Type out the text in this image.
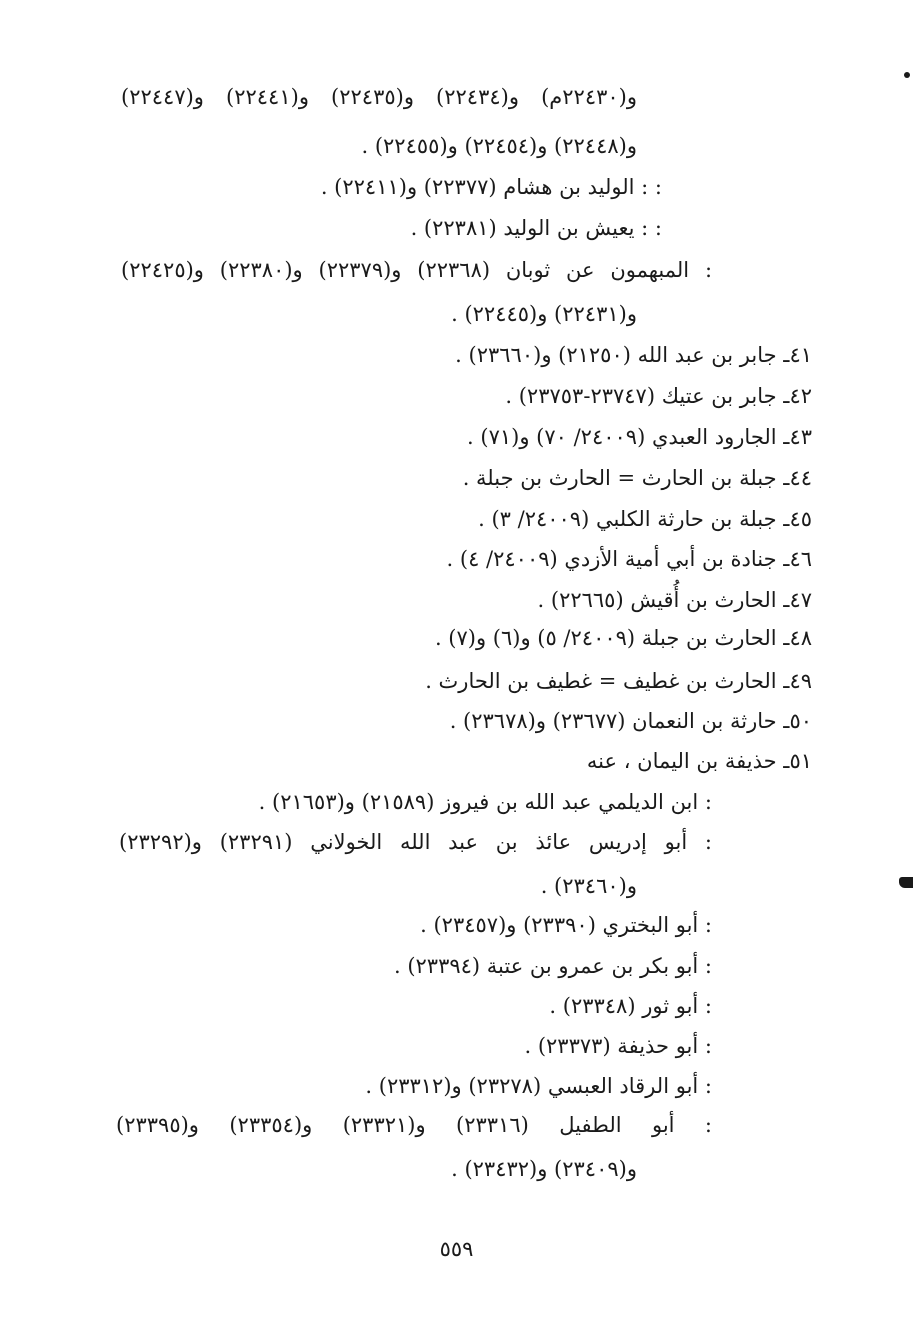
و(٢٢٤٣٠م) و(٢٢٤٣٤) و(٢٢٤٣٥) و(٢٢٤٤١) و(٢٢٤٤٧)
و(٢٢٤٤٨) و(٢٢٤٥٤) و(٢٢٤٥٥) .
: : الوليد بن هشام (٢٢٣٧٧) و(٢٢٤١١) .
: : يعيش بن الوليد (٢٢٣٨١) .
: المبهمون عن ثوبان (٢٢٣٦٨) و(٢٢٣٧٩) و(٢٢٣٨٠) و(٢٢٤٢٥)
و(٢٢٤٣١) و(٢٢٤٤٥) .
٤١ـ جابر بن عبد الله (٢١٢٥٠) و(٢٣٦٦٠) .
٤٢ـ جابر بن عتيك (٢٣٧٤٧-٢٣٧٥٣) .
٤٣ـ الجارود العبدي (٢٤٠٠٩/ ٧٠) و(٧١) .
٤٤ـ جبلة بن الحارث = الحارث بن جبلة .
٤٥ـ جبلة بن حارثة الكلبي (٢٤٠٠٩/ ٣) .
٤٦ـ جنادة بن أبي أمية الأزدي (٢٤٠٠٩/ ٤) .
٤٧ـ الحارث بن أُقيش (٢٢٦٦٥) .
٤٨ـ الحارث بن جبلة (٢٤٠٠٩/ ٥) و(٦) و(٧) .
٤٩ـ الحارث بن غطيف = غطيف بن الحارث .
٥٠ـ حارثة بن النعمان (٢٣٦٧٧) و(٢٣٦٧٨) .
٥١ـ حذيفة بن اليمان ، عنه
: ابن الديلمي عبد الله بن فيروز (٢١٥٨٩) و(٢١٦٥٣) .
: أبو إدريس عائذ بن عبد الله الخولاني (٢٣٢٩١) و(٢٣٢٩٢)
و(٢٣٤٦٠) .
: أبو البختري (٢٣٣٩٠) و(٢٣٤٥٧) .
: أبو بكر بن عمرو بن عتبة (٢٣٣٩٤) .
: أبو ثور (٢٣٣٤٨) .
: أبو حذيفة (٢٣٣٧٣) .
: أبو الرقاد العبسي (٢٣٢٧٨) و(٢٣٣١٢) .
: أبو الطفيل (٢٣٣١٦) و(٢٣٣٢١) و(٢٣٣٥٤) و(٢٣٣٩٥)
و(٢٣٤٠٩) و(٢٣٤٣٢) .
٥٥٩
